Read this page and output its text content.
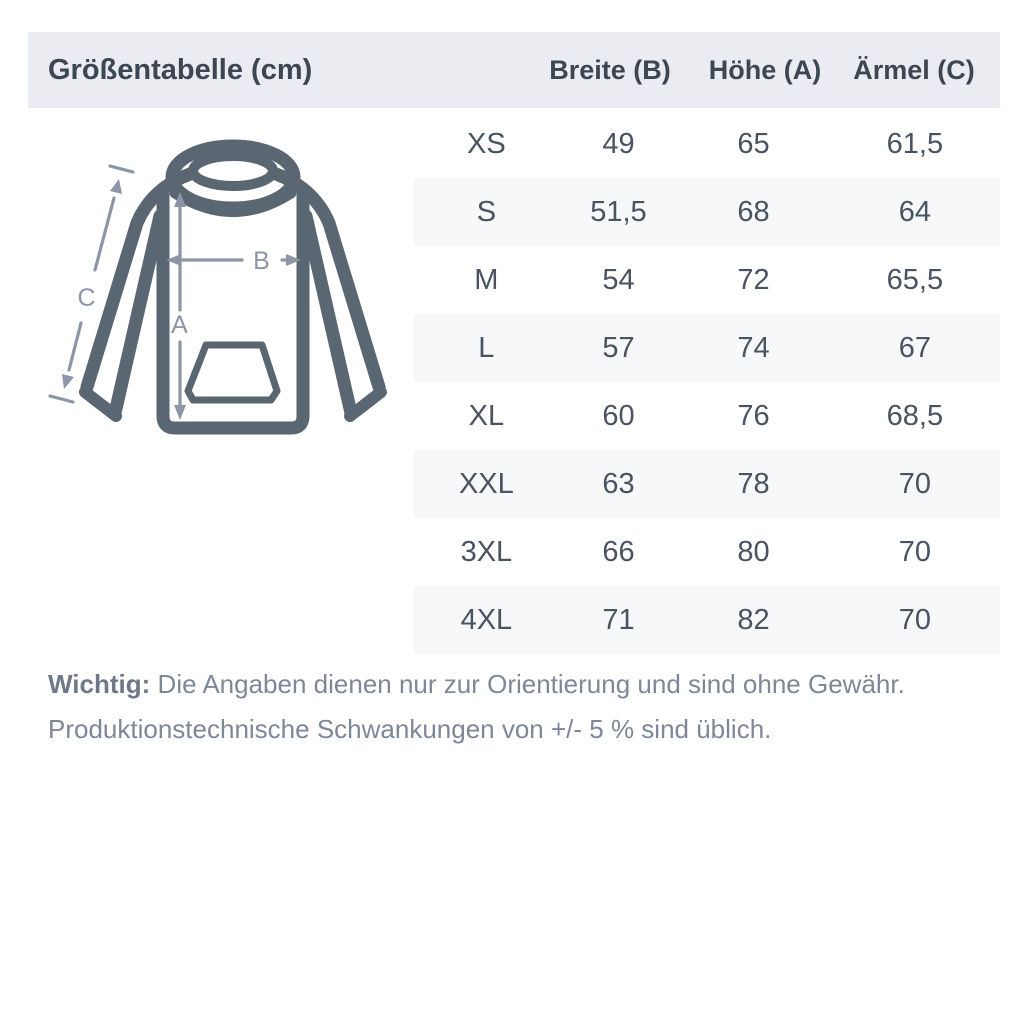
Größentabelle (cm)	Breite (B)	Höhe (A)	Ärmel (C)
A
B
C
XS	49	65	61,5
S	51,5	68	64
M	54	72	65,5
L	57	74	67
XL	60	76	68,5
XXL	63	78	70
3XL	66	80	70
4XL	71	82	70
Wichtig: Die Angaben dienen nur zur Orientierung und sind ohne Gewähr.
Produktionstechnische Schwankungen von +/- 5 % sind üblich.
